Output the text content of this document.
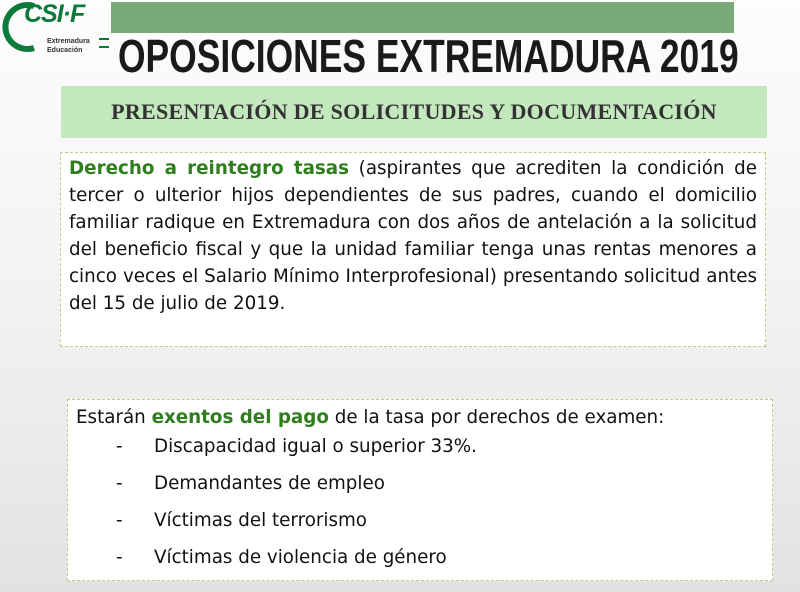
CSI·F
Extremadura
Educación OPOSICIONES EXTREMADURA 2019
PRESENTACIÓN DE SOLICITUDES Y DOCUMENTACIÓN

Derecho a reintegro tasas (aspirantes que acrediten la condición de tercer o ulterior hijos dependientes de sus padres, cuando el domicilio familiar radique en Extremadura con dos años de antelación a la solicitud del beneficio fiscal y que la unidad familiar tenga unas rentas menores a cinco veces el Salario Mínimo Interprofesional) presentando solicitud antes del 15 de julio de 2019.

Estarán exentos del pago de la tasa por derechos de examen:

-	Discapacidad igual o superior 33%.
-	Demandantes de empleo
-	Víctimas del terrorismo
-	Víctimas de violencia de género
